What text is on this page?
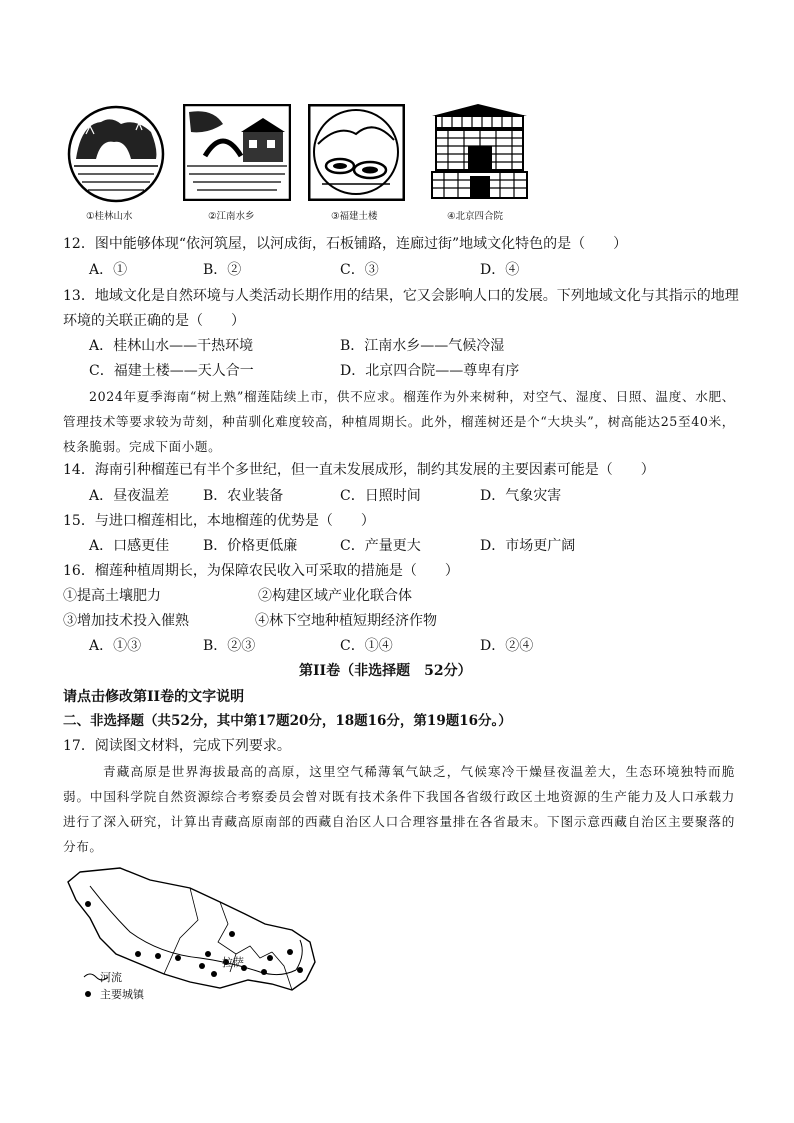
①桂林山水	②江南水乡	③福建土楼	④北京四合院
12．图中能够体现“依河筑屋，以河成街，石板铺路，连廊过街”地域文化特色的是（　　）
A．①	B．②	C．③	D．④
13．地域文化是自然环境与人类活动长期作用的结果，它又会影响人口的发展。下列地域文化与其指示的地理
环境的关联正确的是（　　）
A．桂林山水——干热环境	B．江南水乡——气候冷湿
C．福建土楼——天人合一	D．北京四合院——尊卑有序
2024年夏季海南“树上熟”榴莲陆续上市，供不应求。榴莲作为外来树种，对空气、湿度、日照、温度、水肥、管理技术等要求较为苛刻，种苗驯化难度较高，种植周期长。此外，榴莲树还是个“大块头”，树高能达25至40米，枝条脆弱。完成下面小题。
14．海南引种榴莲已有半个多世纪，但一直未发展成形，制约其发展的主要因素可能是（　　）
A．昼夜温差 B．农业装备	C．日照时间	D．气象灾害
15．与进口榴莲相比，本地榴莲的优势是（　　）
A．口感更佳 B．价格更低廉	C．产量更大	D．市场更广阔
16．榴莲种植周期长，为保障农民收入可采取的措施是（　　）
①提高土壤肥力	②构建区域产业化联合体
③增加技术投入催熟	④林下空地种植短期经济作物
A．①③	B．②③	C．①④	D．②④
第II卷（非选择题　52分）
请点击修改第II卷的文字说明
二、非选择题（共52分，其中第17题20分，18题16分，第19题16分。）
17．阅读图文材料，完成下列要求。
青藏高原是世界海拔最高的高原，这里空气稀薄氧气缺乏，气候寒冷干燥昼夜温差大，生态环境独特而脆弱。中国科学院自然资源综合考察委员会曾对既有技术条件下我国各省级行政区土地资源的生产能力及人口承载力进行了深入研究，计算出青藏高原南部的西藏自治区人口合理容量排在各省最末。下图示意西藏自治区主要聚落的分布。
拉萨
河流
主要城镇
